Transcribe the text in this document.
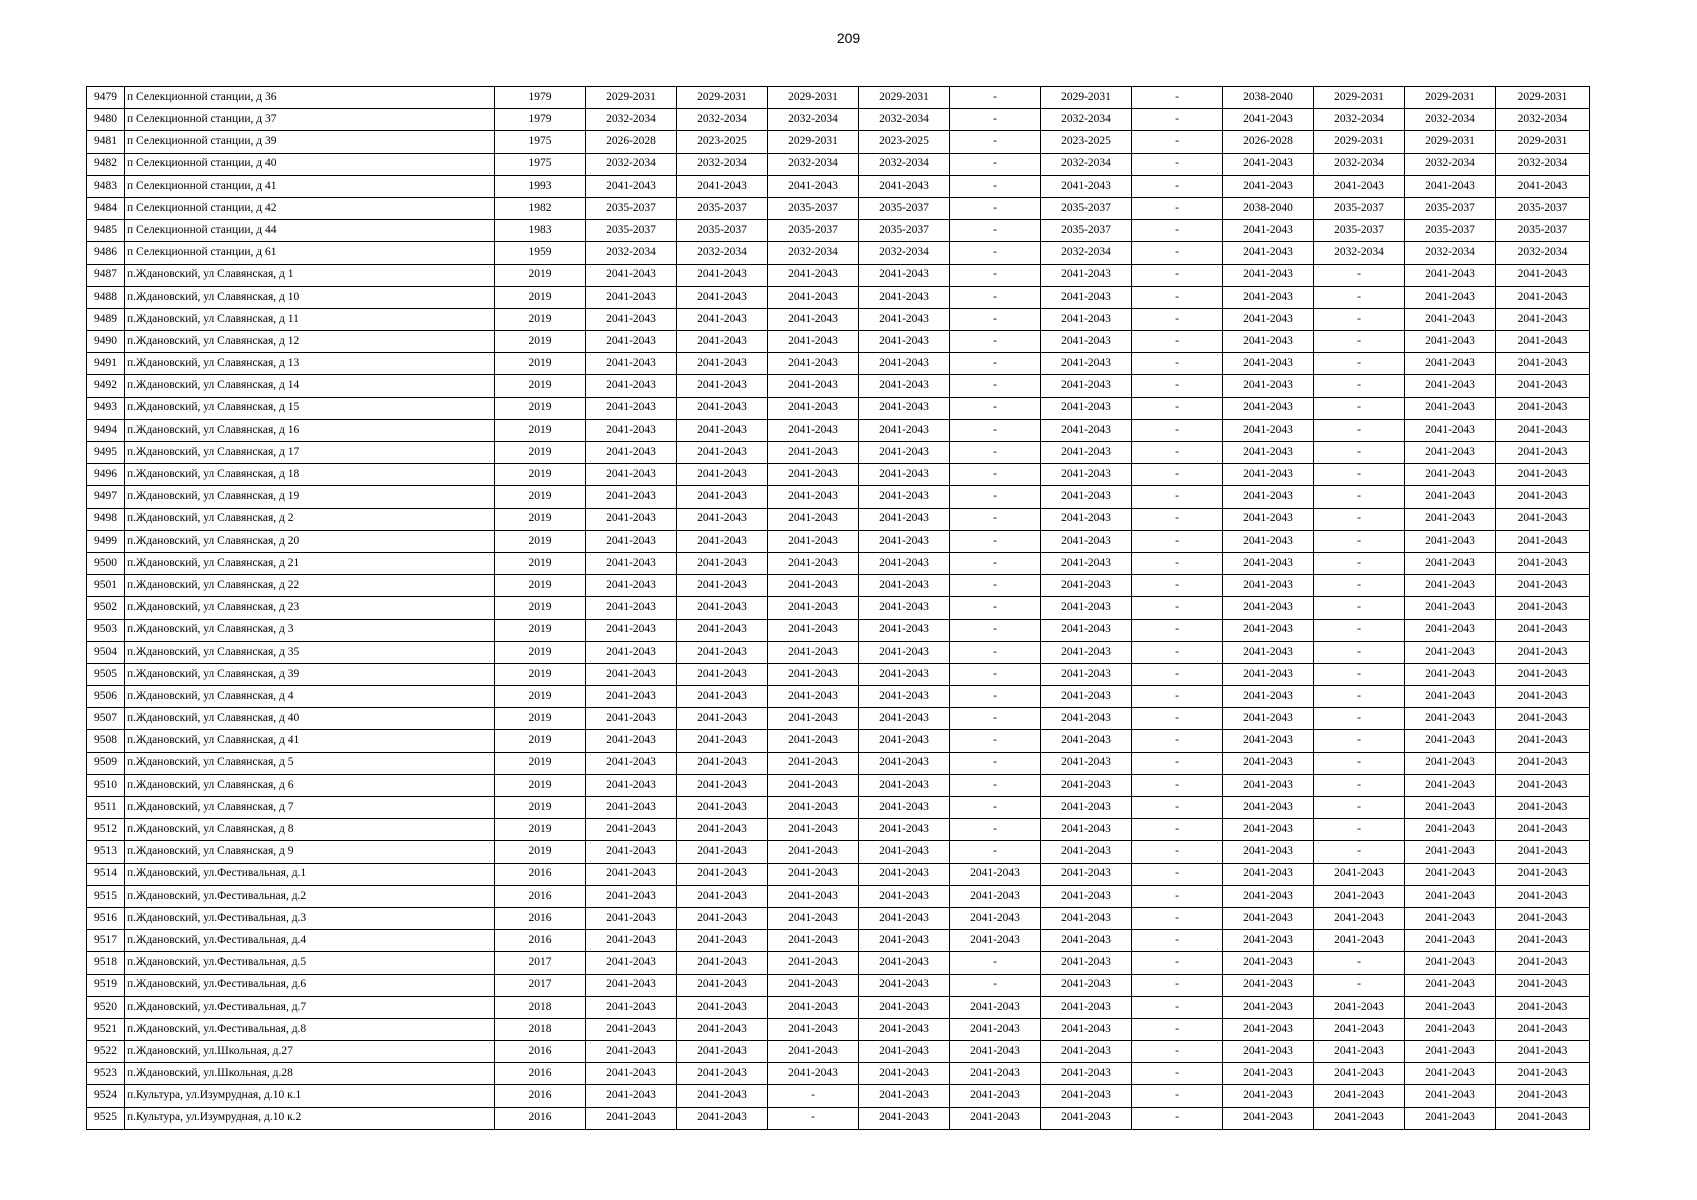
209
9479	п Селекционной станции, д 36	1979	2029-2031	2029-2031	2029-2031	2029-2031	-	2029-2031	-	2038-2040	2029-2031	2029-2031	2029-2031
9480	п Селекционной станции, д 37	1979	2032-2034	2032-2034	2032-2034	2032-2034	-	2032-2034	-	2041-2043	2032-2034	2032-2034	2032-2034
9481	п Селекционной станции, д 39	1975	2026-2028	2023-2025	2029-2031	2023-2025	-	2023-2025	-	2026-2028	2029-2031	2029-2031	2029-2031
9482	п Селекционной станции, д 40	1975	2032-2034	2032-2034	2032-2034	2032-2034	-	2032-2034	-	2041-2043	2032-2034	2032-2034	2032-2034
9483	п Селекционной станции, д 41	1993	2041-2043	2041-2043	2041-2043	2041-2043	-	2041-2043	-	2041-2043	2041-2043	2041-2043	2041-2043
9484	п Селекционной станции, д 42	1982	2035-2037	2035-2037	2035-2037	2035-2037	-	2035-2037	-	2038-2040	2035-2037	2035-2037	2035-2037
9485	п Селекционной станции, д 44	1983	2035-2037	2035-2037	2035-2037	2035-2037	-	2035-2037	-	2041-2043	2035-2037	2035-2037	2035-2037
9486	п Селекционной станции, д 61	1959	2032-2034	2032-2034	2032-2034	2032-2034	-	2032-2034	-	2041-2043	2032-2034	2032-2034	2032-2034
9487	п.Ждановский, ул Славянская, д 1	2019	2041-2043	2041-2043	2041-2043	2041-2043	-	2041-2043	-	2041-2043	-	2041-2043	2041-2043
9488	п.Ждановский, ул Славянская, д 10	2019	2041-2043	2041-2043	2041-2043	2041-2043	-	2041-2043	-	2041-2043	-	2041-2043	2041-2043
9489	п.Ждановский, ул Славянская, д 11	2019	2041-2043	2041-2043	2041-2043	2041-2043	-	2041-2043	-	2041-2043	-	2041-2043	2041-2043
9490	п.Ждановский, ул Славянская, д 12	2019	2041-2043	2041-2043	2041-2043	2041-2043	-	2041-2043	-	2041-2043	-	2041-2043	2041-2043
9491	п.Ждановский, ул Славянская, д 13	2019	2041-2043	2041-2043	2041-2043	2041-2043	-	2041-2043	-	2041-2043	-	2041-2043	2041-2043
9492	п.Ждановский, ул Славянская, д 14	2019	2041-2043	2041-2043	2041-2043	2041-2043	-	2041-2043	-	2041-2043	-	2041-2043	2041-2043
9493	п.Ждановский, ул Славянская, д 15	2019	2041-2043	2041-2043	2041-2043	2041-2043	-	2041-2043	-	2041-2043	-	2041-2043	2041-2043
9494	п.Ждановский, ул Славянская, д 16	2019	2041-2043	2041-2043	2041-2043	2041-2043	-	2041-2043	-	2041-2043	-	2041-2043	2041-2043
9495	п.Ждановский, ул Славянская, д 17	2019	2041-2043	2041-2043	2041-2043	2041-2043	-	2041-2043	-	2041-2043	-	2041-2043	2041-2043
9496	п.Ждановский, ул Славянская, д 18	2019	2041-2043	2041-2043	2041-2043	2041-2043	-	2041-2043	-	2041-2043	-	2041-2043	2041-2043
9497	п.Ждановский, ул Славянская, д 19	2019	2041-2043	2041-2043	2041-2043	2041-2043	-	2041-2043	-	2041-2043	-	2041-2043	2041-2043
9498	п.Ждановский, ул Славянская, д 2	2019	2041-2043	2041-2043	2041-2043	2041-2043	-	2041-2043	-	2041-2043	-	2041-2043	2041-2043
9499	п.Ждановский, ул Славянская, д 20	2019	2041-2043	2041-2043	2041-2043	2041-2043	-	2041-2043	-	2041-2043	-	2041-2043	2041-2043
9500	п.Ждановский, ул Славянская, д 21	2019	2041-2043	2041-2043	2041-2043	2041-2043	-	2041-2043	-	2041-2043	-	2041-2043	2041-2043
9501	п.Ждановский, ул Славянская, д 22	2019	2041-2043	2041-2043	2041-2043	2041-2043	-	2041-2043	-	2041-2043	-	2041-2043	2041-2043
9502	п.Ждановский, ул Славянская, д 23	2019	2041-2043	2041-2043	2041-2043	2041-2043	-	2041-2043	-	2041-2043	-	2041-2043	2041-2043
9503	п.Ждановский, ул Славянская, д 3	2019	2041-2043	2041-2043	2041-2043	2041-2043	-	2041-2043	-	2041-2043	-	2041-2043	2041-2043
9504	п.Ждановский, ул Славянская, д 35	2019	2041-2043	2041-2043	2041-2043	2041-2043	-	2041-2043	-	2041-2043	-	2041-2043	2041-2043
9505	п.Ждановский, ул Славянская, д 39	2019	2041-2043	2041-2043	2041-2043	2041-2043	-	2041-2043	-	2041-2043	-	2041-2043	2041-2043
9506	п.Ждановский, ул Славянская, д 4	2019	2041-2043	2041-2043	2041-2043	2041-2043	-	2041-2043	-	2041-2043	-	2041-2043	2041-2043
9507	п.Ждановский, ул Славянская, д 40	2019	2041-2043	2041-2043	2041-2043	2041-2043	-	2041-2043	-	2041-2043	-	2041-2043	2041-2043
9508	п.Ждановский, ул Славянская, д 41	2019	2041-2043	2041-2043	2041-2043	2041-2043	-	2041-2043	-	2041-2043	-	2041-2043	2041-2043
9509	п.Ждановский, ул Славянская, д 5	2019	2041-2043	2041-2043	2041-2043	2041-2043	-	2041-2043	-	2041-2043	-	2041-2043	2041-2043
9510	п.Ждановский, ул Славянская, д 6	2019	2041-2043	2041-2043	2041-2043	2041-2043	-	2041-2043	-	2041-2043	-	2041-2043	2041-2043
9511	п.Ждановский, ул Славянская, д 7	2019	2041-2043	2041-2043	2041-2043	2041-2043	-	2041-2043	-	2041-2043	-	2041-2043	2041-2043
9512	п.Ждановский, ул Славянская, д 8	2019	2041-2043	2041-2043	2041-2043	2041-2043	-	2041-2043	-	2041-2043	-	2041-2043	2041-2043
9513	п.Ждановский, ул Славянская, д 9	2019	2041-2043	2041-2043	2041-2043	2041-2043	-	2041-2043	-	2041-2043	-	2041-2043	2041-2043
9514	п.Ждановский, ул.Фестивальная, д.1	2016	2041-2043	2041-2043	2041-2043	2041-2043	2041-2043	2041-2043	-	2041-2043	2041-2043	2041-2043	2041-2043
9515	п.Ждановский, ул.Фестивальная, д.2	2016	2041-2043	2041-2043	2041-2043	2041-2043	2041-2043	2041-2043	-	2041-2043	2041-2043	2041-2043	2041-2043
9516	п.Ждановский, ул.Фестивальная, д.3	2016	2041-2043	2041-2043	2041-2043	2041-2043	2041-2043	2041-2043	-	2041-2043	2041-2043	2041-2043	2041-2043
9517	п.Ждановский, ул.Фестивальная, д.4	2016	2041-2043	2041-2043	2041-2043	2041-2043	2041-2043	2041-2043	-	2041-2043	2041-2043	2041-2043	2041-2043
9518	п.Ждановский, ул.Фестивальная, д.5	2017	2041-2043	2041-2043	2041-2043	2041-2043	-	2041-2043	-	2041-2043	-	2041-2043	2041-2043
9519	п.Ждановский, ул.Фестивальная, д.6	2017	2041-2043	2041-2043	2041-2043	2041-2043	-	2041-2043	-	2041-2043	-	2041-2043	2041-2043
9520	п.Ждановский, ул.Фестивальная, д.7	2018	2041-2043	2041-2043	2041-2043	2041-2043	2041-2043	2041-2043	-	2041-2043	2041-2043	2041-2043	2041-2043
9521	п.Ждановский, ул.Фестивальная, д.8	2018	2041-2043	2041-2043	2041-2043	2041-2043	2041-2043	2041-2043	-	2041-2043	2041-2043	2041-2043	2041-2043
9522	п.Ждановский, ул.Школьная, д.27	2016	2041-2043	2041-2043	2041-2043	2041-2043	2041-2043	2041-2043	-	2041-2043	2041-2043	2041-2043	2041-2043
9523	п.Ждановский, ул.Школьная, д.28	2016	2041-2043	2041-2043	2041-2043	2041-2043	2041-2043	2041-2043	-	2041-2043	2041-2043	2041-2043	2041-2043
9524	п.Культура, ул.Изумрудная, д.10 к.1	2016	2041-2043	2041-2043	-	2041-2043	2041-2043	2041-2043	-	2041-2043	2041-2043	2041-2043	2041-2043
9525	п.Культура, ул.Изумрудная, д.10 к.2	2016	2041-2043	2041-2043	-	2041-2043	2041-2043	2041-2043	-	2041-2043	2041-2043	2041-2043	2041-2043
